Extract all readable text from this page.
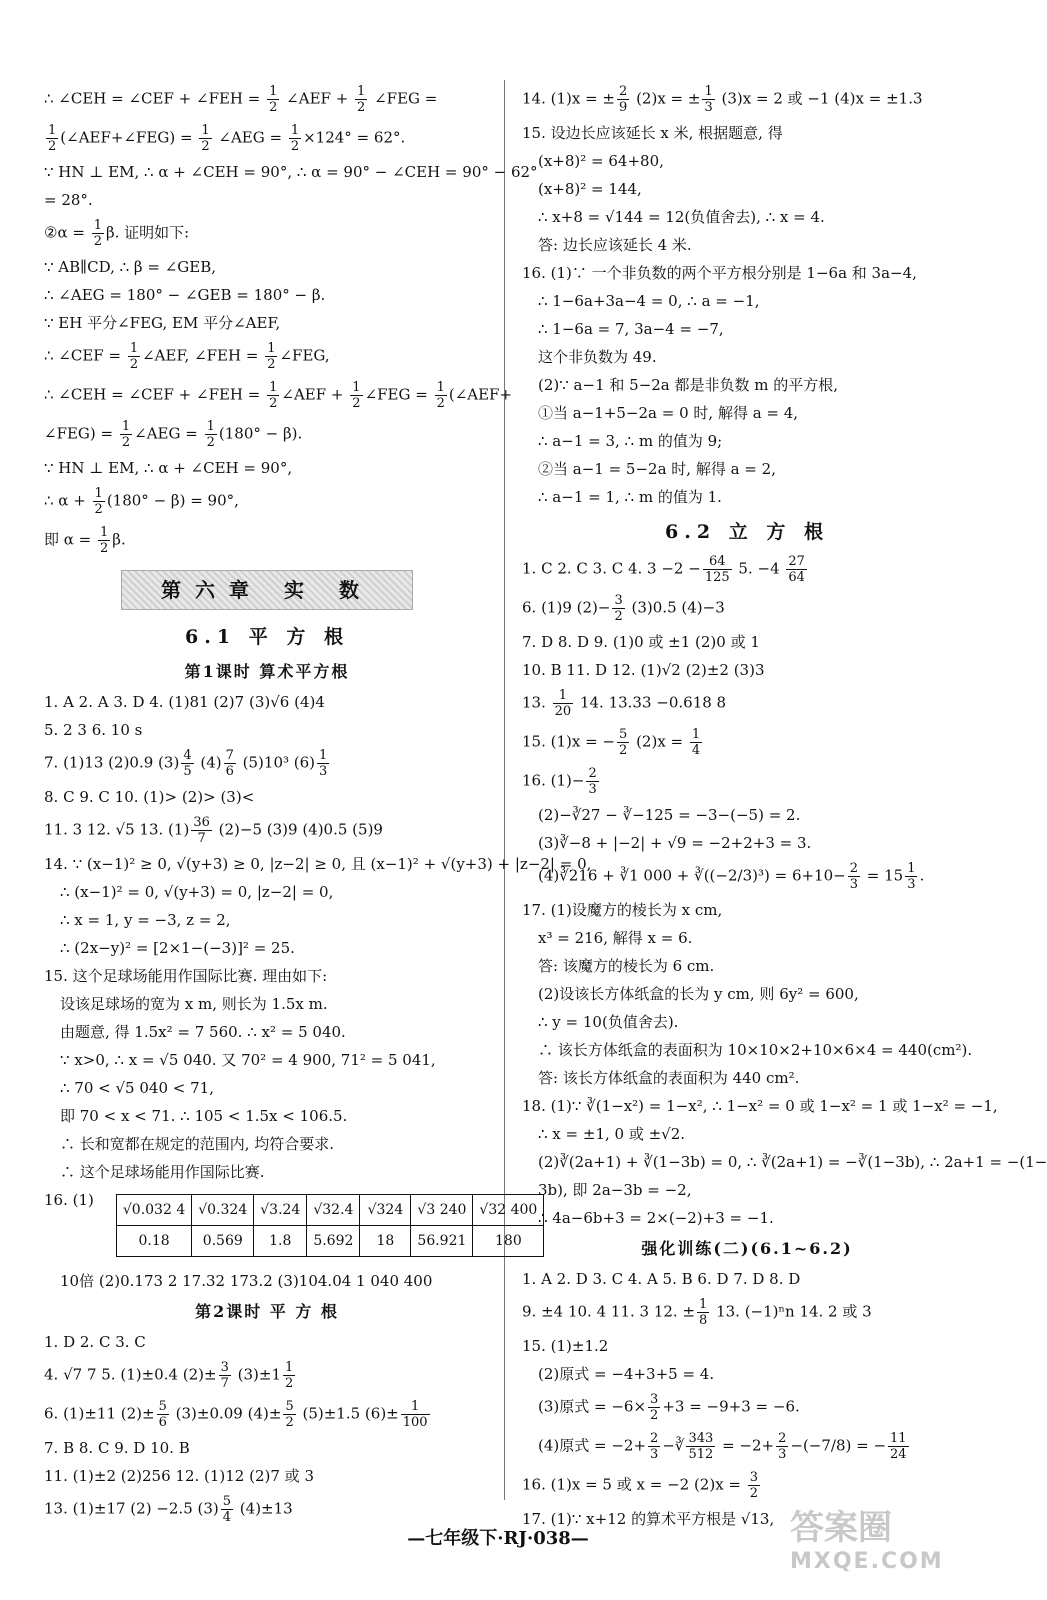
∴ ∠CEH = ∠CEF + ∠FEH = $\frac{1}{2}$ ∠AEF + $\frac{1}{2}$ ∠FEG =
$\frac{1}{2}$ (∠AEF+∠FEG) = $\frac{1}{2}$ ∠AEG = $\frac{1}{2} \times 124^\circ = 62^\circ$.
∵ HN ⊥ EM, ∴ α + ∠CEH = 90°, ∴ α = 90° − ∠CEH = 90° − 62°
= 28°.
②α = $\frac{1}{2} \beta$. 证明如下:
∵ AB∥CD, ∴ β = ∠GEB,
∴ ∠AEG = 180° − ∠GEB = 180° − β.
∵ EH 平分∠FEG, EM 平分∠AEF,
∴ ∠CEF = $\frac{1}{2}$ ∠AEF, ∠FEH = $\frac{1}{2}$ ∠FEG,
∴ ∠CEH = ∠CEF + ∠FEH = $\frac{1}{2}$ ∠AEF + $\frac{1}{2}$ ∠FEG = $\frac{1}{2}$ (∠AEF+
∠FEG) = $\frac{1}{2}$ ∠AEG = $\frac{1}{2} (180^\circ - \beta)$.
∵ HN ⊥ EM, ∴ α + ∠CEH = 90°,
∴ $\alpha + \frac{1}{2} (180^\circ - \beta) = 90^\circ$,
即 $\alpha = \frac{1}{2} \beta$.
第六章 实 数
6.1 平 方 根
第1课时 算术平方根
1. A 2. A 3. D 4. (1)81 (2)7 (3)√6 (4)4
5. 2 3 6. 10 s
7. (1)13 (2)0.9 $(3) \frac{4}{5} (4) \frac{7}{6} (5)10^3$ $(6) \frac{1}{3}$
8. C 9. C 10. (1)> (2)> (3)<
11. 3 12. √5 13. $(1) \frac{36}{7} (2)-5$ (3)9 (4)0.5 (5)9
14. ∵ (x−1)² ≥ 0, √(y+3) ≥ 0, |z−2| ≥ 0, 且 (x−1)² + √(y+3) + |z−2| = 0,
∴ (x−1)² = 0, √(y+3) = 0, |z−2| = 0,
∴ x = 1, y = −3, z = 2,
∴ (2x−y)² = [2×1−(−3)]² = 25.
15. 这个足球场能用作国际比赛. 理由如下:
设该足球场的宽为 x m, 则长为 1.5x m.
由题意, 得 1.5x² = 7 560. ∴ x² = 5 040.
∵ x>0, ∴ x = √5 040. 又 70² = 4 900, 71² = 5 041,
∴ 70 < √5 040 < 71,
即 70 < x < 71. ∴ 105 < 1.5x < 106.5.
∴ 长和宽都在规定的范围内, 均符合要求.
∴ 这个足球场能用作国际比赛.
16. (1)
√0.032 4	√0.324	√3.24	√32.4	√324	√3 240	√32 400
0.18	0.569	1.8	5.692	18	56.921	180
10倍 (2)0.173 2 17.32 173.2 (3)104.04 1 040 400
第2课时 平 方 根
1. D 2. C 3. C
4. √7 7 5. (1)±0.4 $(2)\pm \frac{3}{7} (3)\pm 1 \frac{1}{2}$
6. (1)±11 $(2)\pm \frac{5}{6} (3)\pm 0.09$ $(4)\pm \frac{5}{2} (5)\pm 1.5$ $(6)\pm \frac{1}{100}$
7. B 8. C 9. D 10. B
11. (1)±2 (2)256 12. (1)12 (2)7 或 3
13. (1)±17 (2) −2.5 $(3) \frac{5}{4} (4)\pm 13$
14. (1)x = ± $\frac{2}{9} (2)x$ = ± $\frac{1}{3} (3)x = 2$ 或 −1 (4)x = ±1.3
15. 设边长应该延长 x 米, 根据题意, 得
(x+8)² = 64+80,
(x+8)² = 144,
∴ x+8 = √144 = 12(负值舍去), ∴ x = 4.
答: 边长应该延长 4 米.
16. (1)∵ 一个非负数的两个平方根分别是 1−6a 和 3a−4,
∴ 1−6a+3a−4 = 0, ∴ a = −1,
∴ 1−6a = 7, 3a−4 = −7,
这个非负数为 49.
(2)∵ a−1 和 5−2a 都是非负数 m 的平方根,
①当 a−1+5−2a = 0 时, 解得 a = 4,
∴ a−1 = 3, ∴ m 的值为 9;
②当 a−1 = 5−2a 时, 解得 a = 2,
∴ a−1 = 1, ∴ m 的值为 1.
6.2 立 方 根
1. C 2. C 3. C 4. $3 -2 - \frac{64}{125} 5$. $-4 \frac{27}{64}$
6. (1)9 $(2)- \frac{3}{2} (3)0.5$ (4)−3
7. D 8. D 9. (1)0 或 ±1 (2)0 或 1
10. B 11. D 12. (1)√2 (2)±2 (3)3
13. $\frac{1}{20} 14$. 13.33 −0.618 8
15. (1)x = − $\frac{5}{2} (2)x = \frac{1}{4}$
16. $(1)- \frac{2}{3}$
(2)−∛27 − ∛−125 = −3−(−5) = 2.
(3)∛−8 + |−2| + √9 = −2+2+3 = 3.
(4)∛216 + ∛1 000 + ∛((−2/3)³) = $6+10- \frac{2}{3} = 15 \frac{1}{3}$ .
17. (1)设魔方的棱长为 x cm,
x³ = 216, 解得 x = 6.
答: 该魔方的棱长为 6 cm.
(2)设该长方体纸盒的长为 y cm, 则 6y² = 600,
∴ y = 10(负值舍去).
∴ 该长方体纸盒的表面积为 10×10×2+10×6×4 = 440(cm²).
答: 该长方体纸盒的表面积为 440 cm².
18. (1)∵ ∛(1−x²) = 1−x², ∴ 1−x² = 0 或 1−x² = 1 或 1−x² = −1,
∴ x = ±1, 0 或 ±√2.
(2)∛(2a+1) + ∛(1−3b) = 0, ∴ ∛(2a+1) = −∛(1−3b), ∴ 2a+1 = −(1−
3b), 即 2a−3b = −2,
∴ 4a−6b+3 = 2×(−2)+3 = −1.
强化训练(二)(6.1~6.2)
1. A 2. D 3. C 4. A 5. B 6. D 7. D 8. D
9. ±4 10. 4 11. 3 12. ± $\frac{1}{8} 13$. (−1)ⁿn 14. 2 或 3
15. (1)±1.2
(2)原式 = −4+3+5 = 4.
(3)原式 = $-6\times \frac{3}{2} +3 = -9+3 = -6$.
(4)原式 = $-2+ \frac{2}{3}$ −∛ $\frac{343}{512} = -2+ \frac{2}{3} -(-7/8)$ = − $\frac{11}{24}$
16. (1)x = 5 或 x = −2 $(2)x = \frac{3}{2}$
17. (1)∵ x+12 的算术平方根是 √13,
—七年级下·RJ·038—	答案圈
MXQE.COM
